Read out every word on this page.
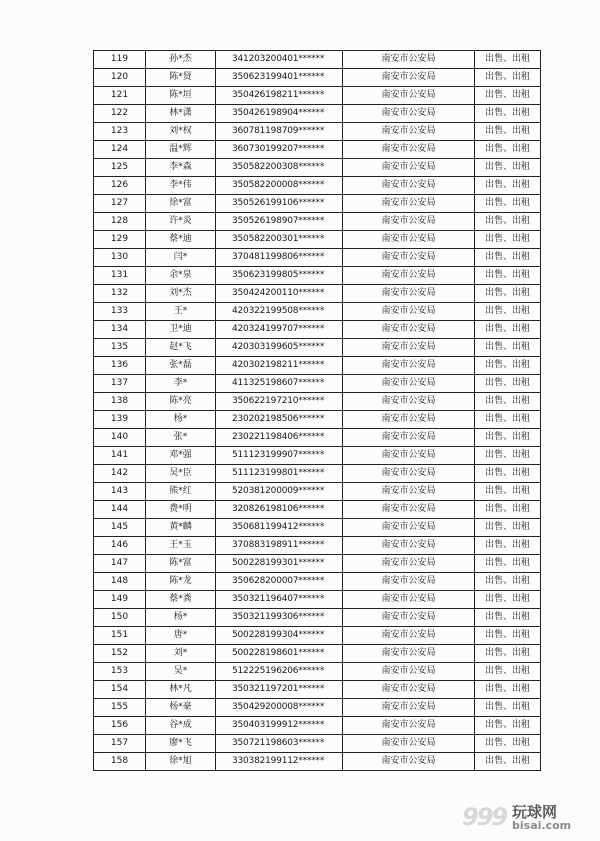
119	孙*杰	341203200401******	南安市公安局	出售、出租
120	陈*贤	350623199401******	南安市公安局	出售、出租
121	陈*垣	350426198211******	南安市公安局	出售、出租
122	林*潇	350426198904******	南安市公安局	出售、出租
123	刘*权	360781198709******	南安市公安局	出售、出租
124	温*辉	360730199207******	南安市公安局	出售、出租
125	李*森	350582200308******	南安市公安局	出售、出租
126	李*伟	350582200008******	南安市公安局	出售、出租
127	徐*富	350526199106******	南安市公安局	出售、出租
128	许*炎	350526198907******	南安市公安局	出售、出租
129	蔡*迪	350582200301******	南安市公安局	出售、出租
130	闫*	370481199806******	南安市公安局	出售、出租
131	余*泉	350623199805******	南安市公安局	出售、出租
132	刘*杰	350424200110******	南安市公安局	出售、出租
133	王*	420322199508******	南安市公安局	出售、出租
134	卫*迪	420324199707******	南安市公安局	出售、出租
135	赵*飞	420303199605******	南安市公安局	出售、出租
136	张*磊	420302198211******	南安市公安局	出售、出租
137	李*	411325198607******	南安市公安局	出售、出租
138	陈*亮	350622197210******	南安市公安局	出售、出租
139	杨*	230202198506******	南安市公安局	出售、出租
140	张*	230221198406******	南安市公安局	出售、出租
141	邓*强	511123199907******	南安市公安局	出售、出租
142	吴*臣	511123199801******	南安市公安局	出售、出租
143	熊*红	520381200009******	南安市公安局	出售、出租
144	费*明	320826198106******	南安市公安局	出售、出租
145	黄*麟	350681199412******	南安市公安局	出售、出租
146	王*玉	370883198911******	南安市公安局	出售、出租
147	陈*富	500228199301******	南安市公安局	出售、出租
148	陈*龙	350628200007******	南安市公安局	出售、出租
149	蔡*粪	350321196407******	南安市公安局	出售、出租
150	杨*	350321199306******	南安市公安局	出售、出租
151	唐*	500228199304******	南安市公安局	出售、出租
152	刘*	500228198601******	南安市公安局	出售、出租
153	吴*	512225196206******	南安市公安局	出售、出租
154	林*凡	350321197201******	南安市公安局	出售、出租
155	杨*豪	350429200008******	南安市公安局	出售、出租
156	谷*成	350403199912******	南安市公安局	出售、出租
157	廖*飞	350721198603******	南安市公安局	出售、出租
158	徐*旭	330382199112******	南安市公安局	出售、出租
999 玩球网
bisai.com
